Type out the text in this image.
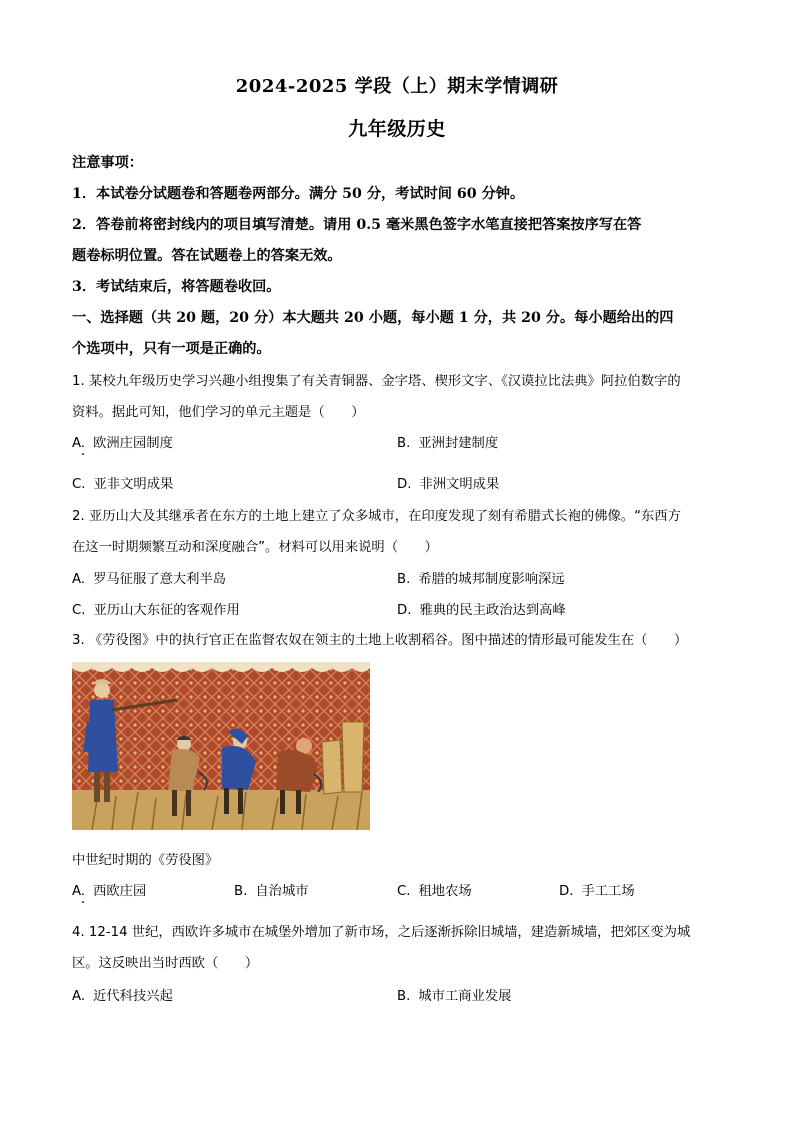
2024-2025 学段（上）期末学情调研
九年级历史
注意事项：
1．本试卷分试题卷和答题卷两部分。满分 50 分，考试时间 60 分钟。
2．答卷前将密封线内的项目填写清楚。请用 0.5 毫米黑色签字水笔直接把答案按序写在答
题卷标明位置。答在试题卷上的答案无效。
3．考试结束后，将答题卷收回。
一、选择题（共 20 题，20 分）本大题共 20 小题，每小题 1 分，共 20 分。每小题给出的四
个选项中，只有一项是正确的。
1. 某校九年级历史学习兴趣小组搜集了有关青铜器、金字塔、楔形文字、《汉谟拉比法典》阿拉伯数字的
资料。据此可知，他们学习的单元主题是（　　）
A. 欧洲庄园制度	B. 亚洲封建制度
C. 亚非文明成果	D. 非洲文明成果
2. 亚历山大及其继承者在东方的土地上建立了众多城市，在印度发现了刻有希腊式长袍的佛像。“东西方
在这一时期频繁互动和深度融合”。材料可以用来说明（　　）
A. 罗马征服了意大利半岛	B. 希腊的城邦制度影响深远
C. 亚历山大东征的客观作用	D. 雅典的民主政治达到高峰
3. 《劳役图》中的执行官正在监督农奴在领主的土地上收割稻谷。图中描述的情形最可能发生在（　　）
中世纪时期的《劳役图》
A. 西欧庄园	B. 自治城市	C. 租地农场	D. 手工工场
4. 12-14 世纪，西欧许多城市在城堡外增加了新市场，之后逐渐拆除旧城墙，建造新城墙，把郊区变为城
区。这反映出当时西欧（　　）
A. 近代科技兴起	B. 城市工商业发展
